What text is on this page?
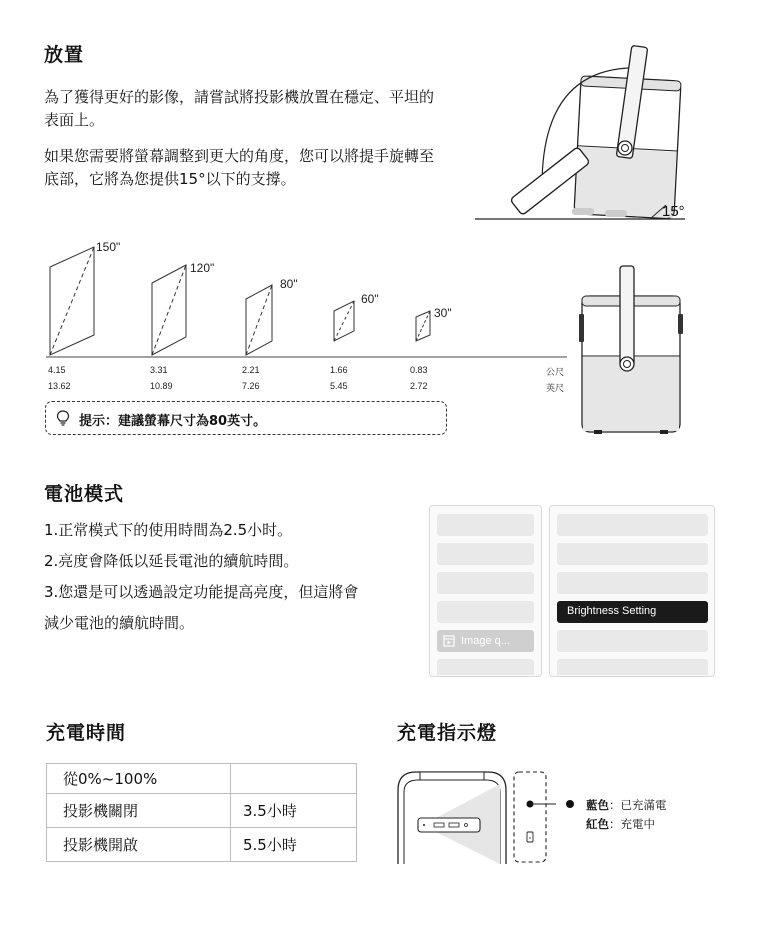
放置
為了獲得更好的影像，請嘗試將投影機放置在穩定、平坦的
表面上。
如果您需要將螢幕調整到更大的角度，您可以將提手旋轉至
底部，它將為您提供15°以下的支撐。
15°
150"
120"
80"
60"
30"
4.15
13.62
3.31
10.89
2.21
7.26
1.66
5.45
0.83
2.72
公尺
英尺
提示：建議螢幕尺寸為80英寸。
電池模式
1.正常模式下的使用時間為2.5小时。
2.亮度會降低以延長電池的續航時間。
3.您還是可以透過設定功能提高亮度，但這將會
減少電池的續航時間。
Image q...
Brightness Setting
充電時間
從0%~100%	
投影機關閉	3.5小時
投影機開啟	5.5小時
充電指示燈
藍色：已充滿電
紅色：充電中
